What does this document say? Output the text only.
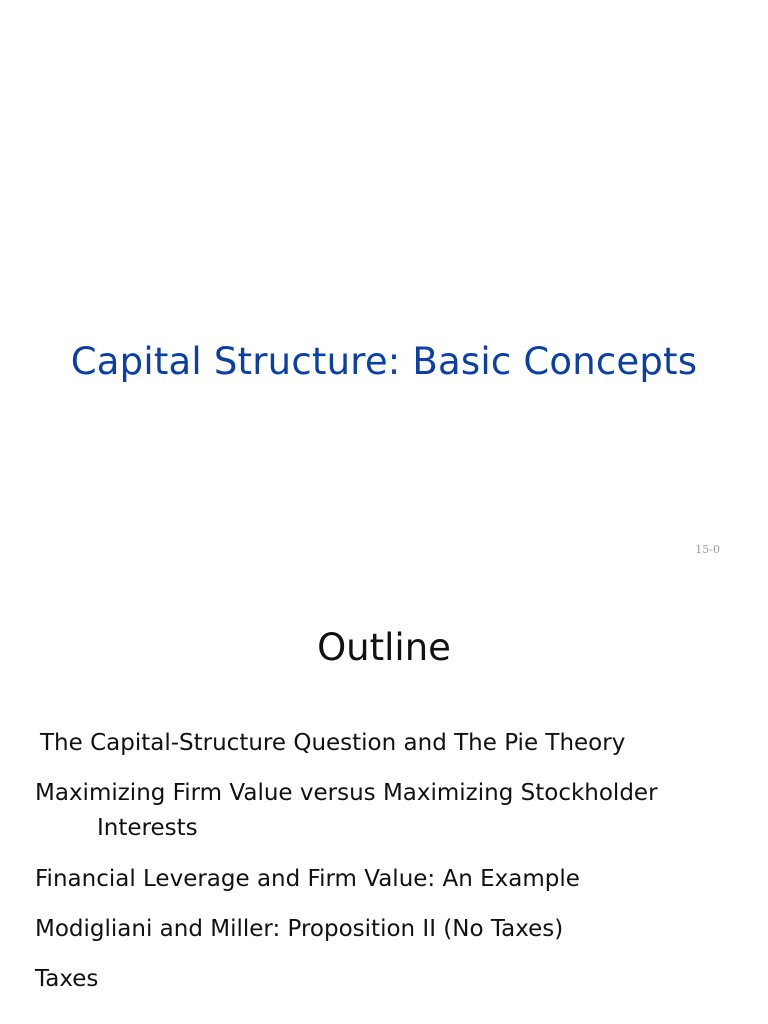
Capital Structure: Basic Concepts

15-0

Outline
The Capital-Structure Question and The Pie Theory
Maximizing Firm Value versus Maximizing Stockholder
Interests
Financial Leverage and Firm Value: An Example
Modigliani and Miller: Proposition II (No Taxes)
Taxes
